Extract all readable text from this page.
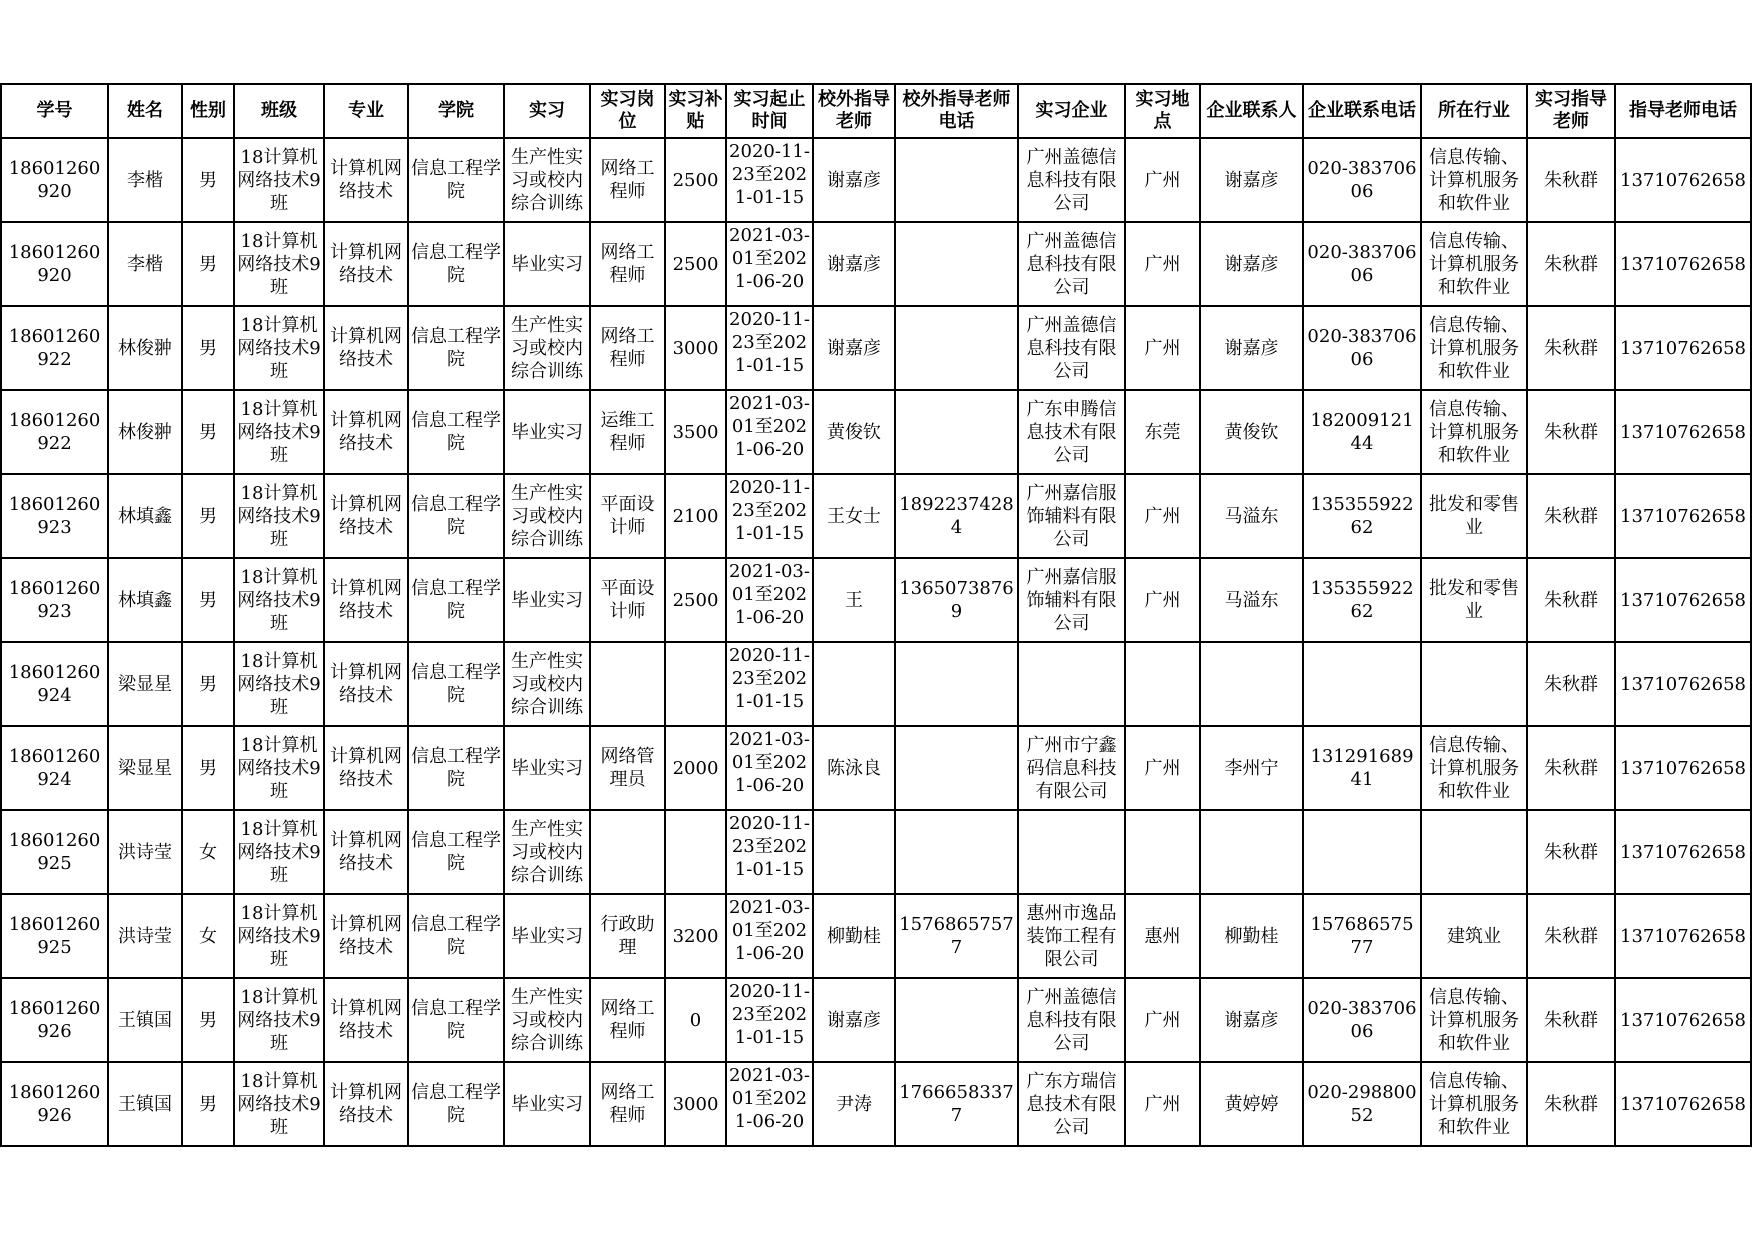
学号	姓名	性别	班级	专业	学院	实习	实习岗位	实习补贴	实习起止时间	校外指导老师	校外指导老师电话	实习企业	实习地点	企业联系人	企业联系电话	所在行业	实习指导老师	指导老师电话
18601260920	李楷	男	18计算机网络技术9班	计算机网络技术	信息工程学院	生产性实习或校内综合训练	网络工程师	2500	2020-11-23至2021-01-15	谢嘉彦		广州盖德信息科技有限公司	广州	谢嘉彦	020-38370606	信息传输、计算机服务和软件业	朱秋群	13710762658
18601260920	李楷	男	18计算机网络技术9班	计算机网络技术	信息工程学院	毕业实习	网络工程师	2500	2021-03-01至2021-06-20	谢嘉彦		广州盖德信息科技有限公司	广州	谢嘉彦	020-38370606	信息传输、计算机服务和软件业	朱秋群	13710762658
18601260922	林俊翀	男	18计算机网络技术9班	计算机网络技术	信息工程学院	生产性实习或校内综合训练	网络工程师	3000	2020-11-23至2021-01-15	谢嘉彦		广州盖德信息科技有限公司	广州	谢嘉彦	020-38370606	信息传输、计算机服务和软件业	朱秋群	13710762658
18601260922	林俊翀	男	18计算机网络技术9班	计算机网络技术	信息工程学院	毕业实习	运维工程师	3500	2021-03-01至2021-06-20	黄俊钦		广东申腾信息技术有限公司	东莞	黄俊钦	18200912144	信息传输、计算机服务和软件业	朱秋群	13710762658
18601260923	林填鑫	男	18计算机网络技术9班	计算机网络技术	信息工程学院	生产性实习或校内综合训练	平面设计师	2100	2020-11-23至2021-01-15	王女士	18922374284	广州嘉信服饰辅料有限公司	广州	马溢东	13535592262	批发和零售业	朱秋群	13710762658
18601260923	林填鑫	男	18计算机网络技术9班	计算机网络技术	信息工程学院	毕业实习	平面设计师	2500	2021-03-01至2021-06-20	王	13650738769	广州嘉信服饰辅料有限公司	广州	马溢东	13535592262	批发和零售业	朱秋群	13710762658
18601260924	梁显星	男	18计算机网络技术9班	计算机网络技术	信息工程学院	生产性实习或校内综合训练			2020-11-23至2021-01-15								朱秋群	13710762658
18601260924	梁显星	男	18计算机网络技术9班	计算机网络技术	信息工程学院	毕业实习	网络管理员	2000	2021-03-01至2021-06-20	陈泳良		广州市宁鑫码信息科技有限公司	广州	李州宁	13129168941	信息传输、计算机服务和软件业	朱秋群	13710762658
18601260925	洪诗莹	女	18计算机网络技术9班	计算机网络技术	信息工程学院	生产性实习或校内综合训练			2020-11-23至2021-01-15								朱秋群	13710762658
18601260925	洪诗莹	女	18计算机网络技术9班	计算机网络技术	信息工程学院	毕业实习	行政助理	3200	2021-03-01至2021-06-20	柳勤桂	15768657577	惠州市逸品装饰工程有限公司	惠州	柳勤桂	15768657577	建筑业	朱秋群	13710762658
18601260926	王镇国	男	18计算机网络技术9班	计算机网络技术	信息工程学院	生产性实习或校内综合训练	网络工程师	0	2020-11-23至2021-01-15	谢嘉彦		广州盖德信息科技有限公司	广州	谢嘉彦	020-38370606	信息传输、计算机服务和软件业	朱秋群	13710762658
18601260926	王镇国	男	18计算机网络技术9班	计算机网络技术	信息工程学院	毕业实习	网络工程师	3000	2021-03-01至2021-06-20	尹涛	17666583377	广东方瑞信息技术有限公司	广州	黄婷婷	020-29880052	信息传输、计算机服务和软件业	朱秋群	13710762658
